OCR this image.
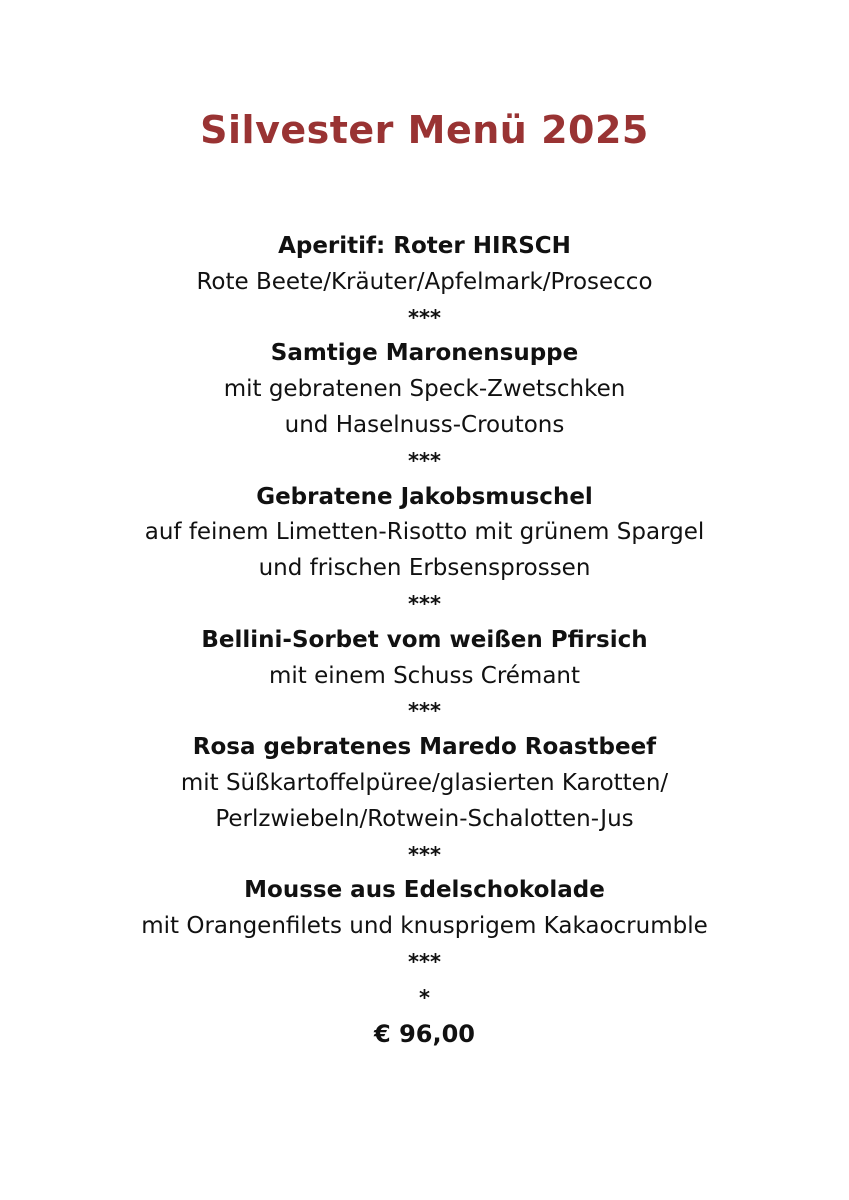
Silvester Menü 2025
Aperitif: Roter HIRSCH
Rote Beete/Kräuter/Apfelmark/Prosecco
***
Samtige Maronensuppe
mit gebratenen Speck-Zwetschken
und Haselnuss-Croutons
***
Gebratene Jakobsmuschel
auf feinem Limetten-Risotto mit grünem Spargel
und frischen Erbsensprossen
***
Bellini-Sorbet vom weißen Pfirsich
mit einem Schuss Crémant
***
Rosa gebratenes Maredo Roastbeef
mit Süßkartoffelpüree/glasierten Karotten/
Perlzwiebeln/Rotwein-Schalotten-Jus
***
Mousse aus Edelschokolade
mit Orangenfilets und knusprigem Kakaocrumble
***
*
€ 96,00
